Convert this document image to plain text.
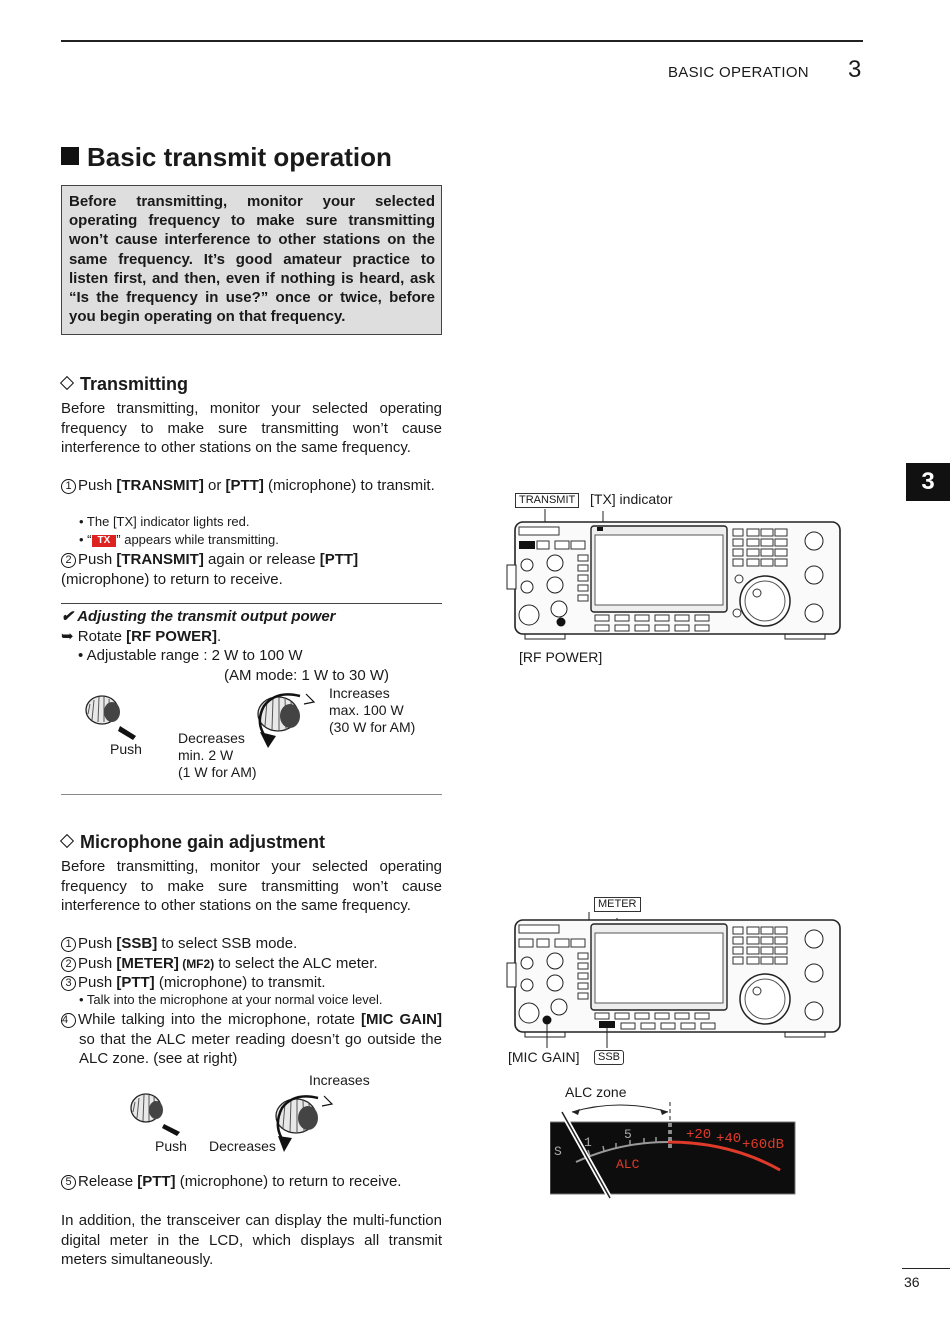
BASIC OPERATION 3
Basic transmit operation
Before transmitting, monitor your selected operating frequency to make sure transmitting won’t cause interference to other stations on the same frequency. It’s good amateur practice to listen first, and then, even if nothing is heard, ask “Is the frequency in use?” once or twice, before you begin operating on that frequency.
Transmitting
Before transmitting, monitor your selected operating frequency to make sure transmitting won’t cause interference to other stations on the same frequency.
1 Push [TRANSMIT] or [PTT] (microphone) to transmit.
• The [TX] indicator lights red.
• “ TX ” appears while transmitting.
2 Push [TRANSMIT] again or release [PTT] (microphone) to return to receive.
✔ Adjusting the transmit output power
➥ Rotate [RF POWER].
• Adjustable range : 2 W to 100 W
(AM mode: 1 W to 30 W)
Push
Increases
max. 100 W
(30 W for AM)
Decreases
min. 2 W
(1 W for AM)
TRANSMIT [TX] indicator
[RF POWER]
Microphone gain adjustment
Before transmitting, monitor your selected operating frequency to make sure transmitting won’t cause interference to other stations on the same frequency.
1 Push [SSB] to select SSB mode.
2 Push [METER] (MF2) to select the ALC meter.
3 Push [PTT] (microphone) to transmit.
• Talk into the microphone at your normal voice level.
4 While talking into the microphone, rotate [MIC GAIN] so that the ALC meter reading doesn’t go outside the ALC zone. (see at right)
Increases
Push Decreases
5 Release [PTT] (microphone) to return to receive.
In addition, the transceiver can display the multi-function digital meter in the LCD, which displays all transmit meters simultaneously.
METER
[MIC GAIN]	SSB
ALC zone
S
1
5	+20 +40 +60dB
ALC
3
36
